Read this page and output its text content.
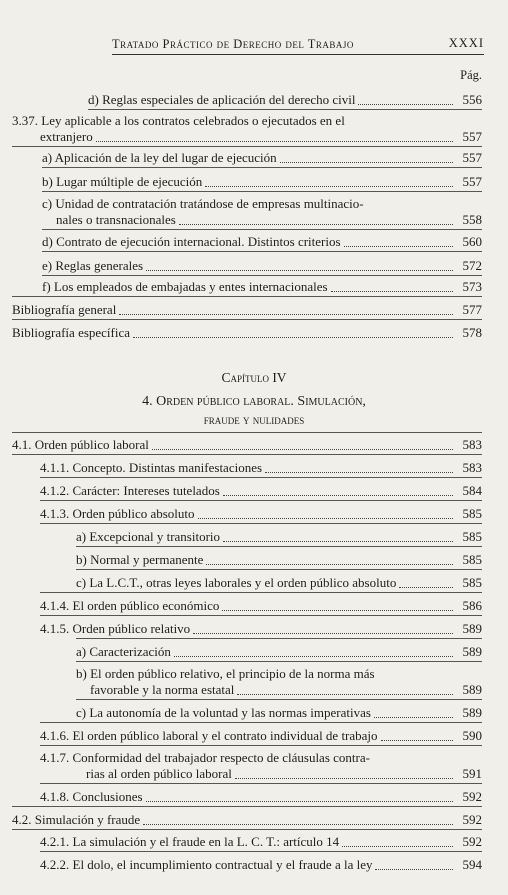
Tratado Práctico de Derecho del Trabajo	XXXI
Pág.
d) Reglas especiales de aplicación del derecho civil	556
3.37. Ley aplicable a los contratos celebrados o ejecutados en el
extranjero	557
a) Aplicación de la ley del lugar de ejecución	557
b) Lugar múltiple de ejecución	557
c) Unidad de contratación tratándose de empresas multinacio-
nales o transnacionales	558
d) Contrato de ejecución internacional. Distintos criterios	560
e) Reglas generales	572
f) Los empleados de embajadas y entes internacionales	573
Bibliografía general	577
Bibliografía específica	578
Capítulo IV
4. Orden público laboral. Simulación,
fraude y nulidades
4.1. Orden público laboral	583
4.1.1. Concepto. Distintas manifestaciones	583
4.1.2. Carácter: Intereses tutelados	584
4.1.3. Orden público absoluto	585
a) Excepcional y transitorio	585
b) Normal y permanente	585
c) La L.C.T., otras leyes laborales y el orden público absoluto	585
4.1.4. El orden público económico	586
4.1.5. Orden público relativo	589
a) Caracterización	589
b) El orden público relativo, el principio de la norma más
favorable y la norma estatal	589
c) La autonomía de la voluntad y las normas imperativas	589
4.1.6. El orden público laboral y el contrato individual de trabajo	590
4.1.7. Conformidad del trabajador respecto de cláusulas contra-
rias al orden público laboral	591
4.1.8. Conclusiones	592
4.2. Simulación y fraude	592
4.2.1. La simulación y el fraude en la L. C. T.: artículo 14	592
4.2.2. El dolo, el incumplimiento contractual y el fraude a la ley	594
